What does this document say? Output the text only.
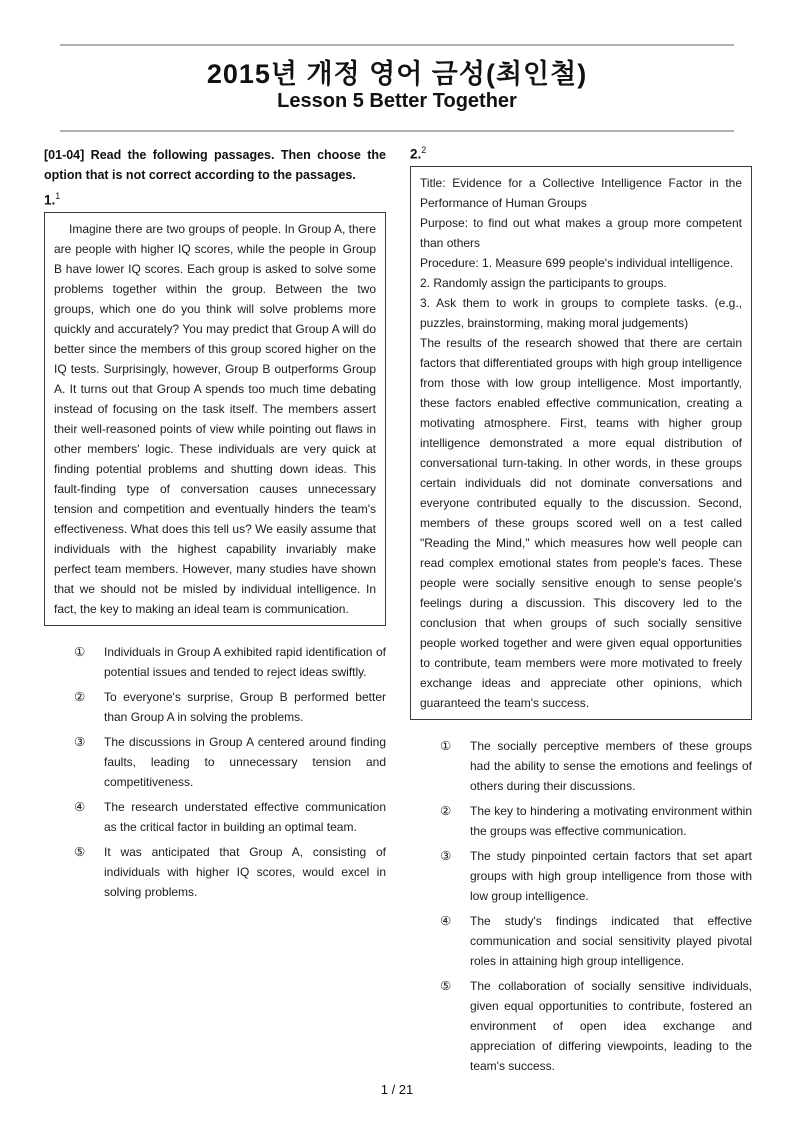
2015년 개정 영어 금성(최인철)
Lesson 5 Better Together
[01-04] Read the following passages. Then choose the option that is not correct according to the passages.
1.$^1$

Imagine there are two groups of people. In Group A, there are people with higher IQ scores, while the people in Group B have lower IQ scores. Each group is asked to solve some problems together within the group. Between the two groups, which one do you think will solve problems more quickly and accurately? You may predict that Group A will do better since the members of this group scored higher on the IQ tests. Surprisingly, however, Group B outperforms Group A. It turns out that Group A spends too much time debating instead of focusing on the task itself. The members assert their well-reasoned points of view while pointing out flaws in other members' logic. These individuals are very quick at finding potential problems and shutting down ideas. This fault-finding type of conversation causes unnecessary tension and competition and eventually hinders the team's effectiveness. What does this tell us? We easily assume that individuals with the highest capability invariably make perfect team members. However, many studies have shown that we should not be misled by individual intelligence. In fact, the key to making an ideal team is communication.

①	Individuals in Group A exhibited rapid identification of potential issues and tended to reject ideas swiftly.
②	To everyone's surprise, Group B performed better than Group A in solving the problems.
③	The discussions in Group A centered around finding faults, leading to unnecessary tension and competitiveness.
④	The research understated effective communication as the critical factor in building an optimal team.
⑤	It was anticipated that Group A, consisting of individuals with higher IQ scores, would excel in solving problems.
2.$^2$

Title: Evidence for a Collective Intelligence Factor in the Performance of Human Groups

Purpose: to find out what makes a group more competent than others

Procedure: 1. Measure 699 people's individual intelligence.

2. Randomly assign the participants to groups.

3. Ask them to work in groups to complete tasks. (e.g., puzzles, brainstorming, making moral judgements)

The results of the research showed that there are certain factors that differentiated groups with high group intelligence from those with low group intelligence. Most importantly, these factors enabled effective communication, creating a motivating atmosphere. First, teams with higher group intelligence demonstrated a more equal distribution of conversational turn-taking. In other words, in these groups certain individuals did not dominate conversations and everyone contributed equally to the discussion. Second, members of these groups scored well on a test called "Reading the Mind," which measures how well people can read complex emotional states from people's faces. These people were socially sensitive enough to sense people's feelings during a discussion. This discovery led to the conclusion that when groups of such socially sensitive people worked together and were given equal opportunities to contribute, team members were more motivated to freely exchange ideas and appreciate other opinions, which guaranteed the team's success.

①	The socially perceptive members of these groups had the ability to sense the emotions and feelings of others during their discussions.
②	The key to hindering a motivating environment within the groups was effective communication.
③	The study pinpointed certain factors that set apart groups with high group intelligence from those with low group intelligence.
④	The study's findings indicated that effective communication and social sensitivity played pivotal roles in attaining high group intelligence.
⑤	The collaboration of socially sensitive individuals, given equal opportunities to contribute, fostered an environment of open idea exchange and appreciation of differing viewpoints, leading to the team's success.
1 / 21
